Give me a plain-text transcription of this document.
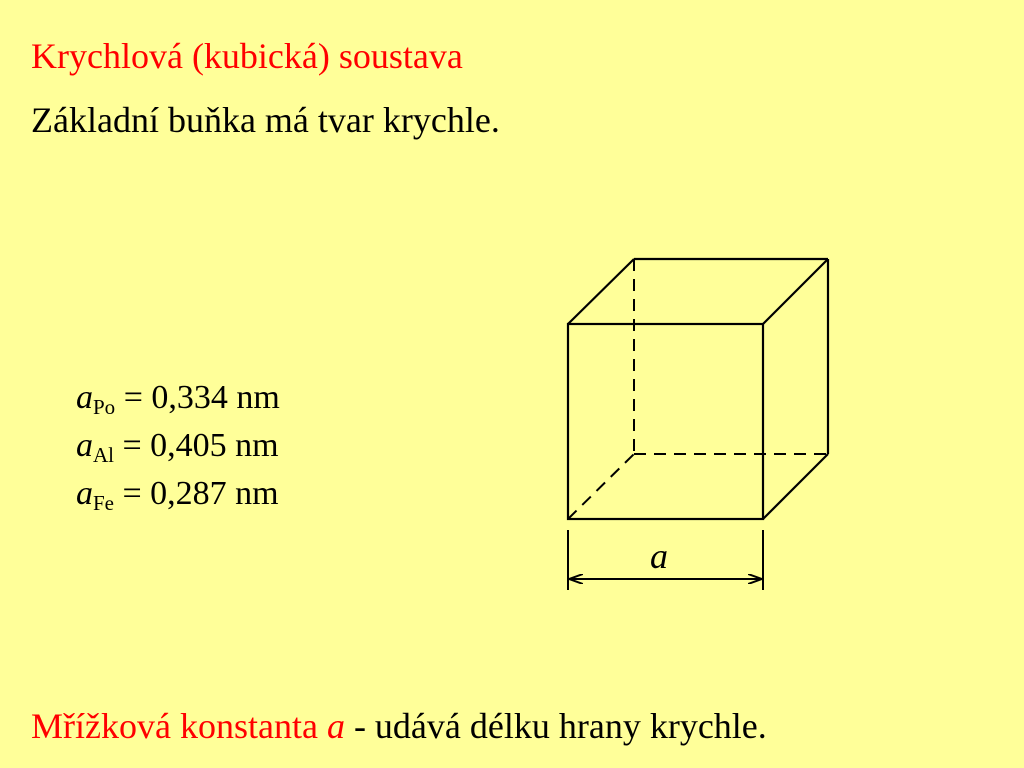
Krychlová (kubická) soustava
Základní buňka má tvar krychle.
aPo = 0,334 nm
aAl = 0,405 nm
aFe = 0,287 nm
a
Mřížková konstanta a - udává délku hrany krychle.
